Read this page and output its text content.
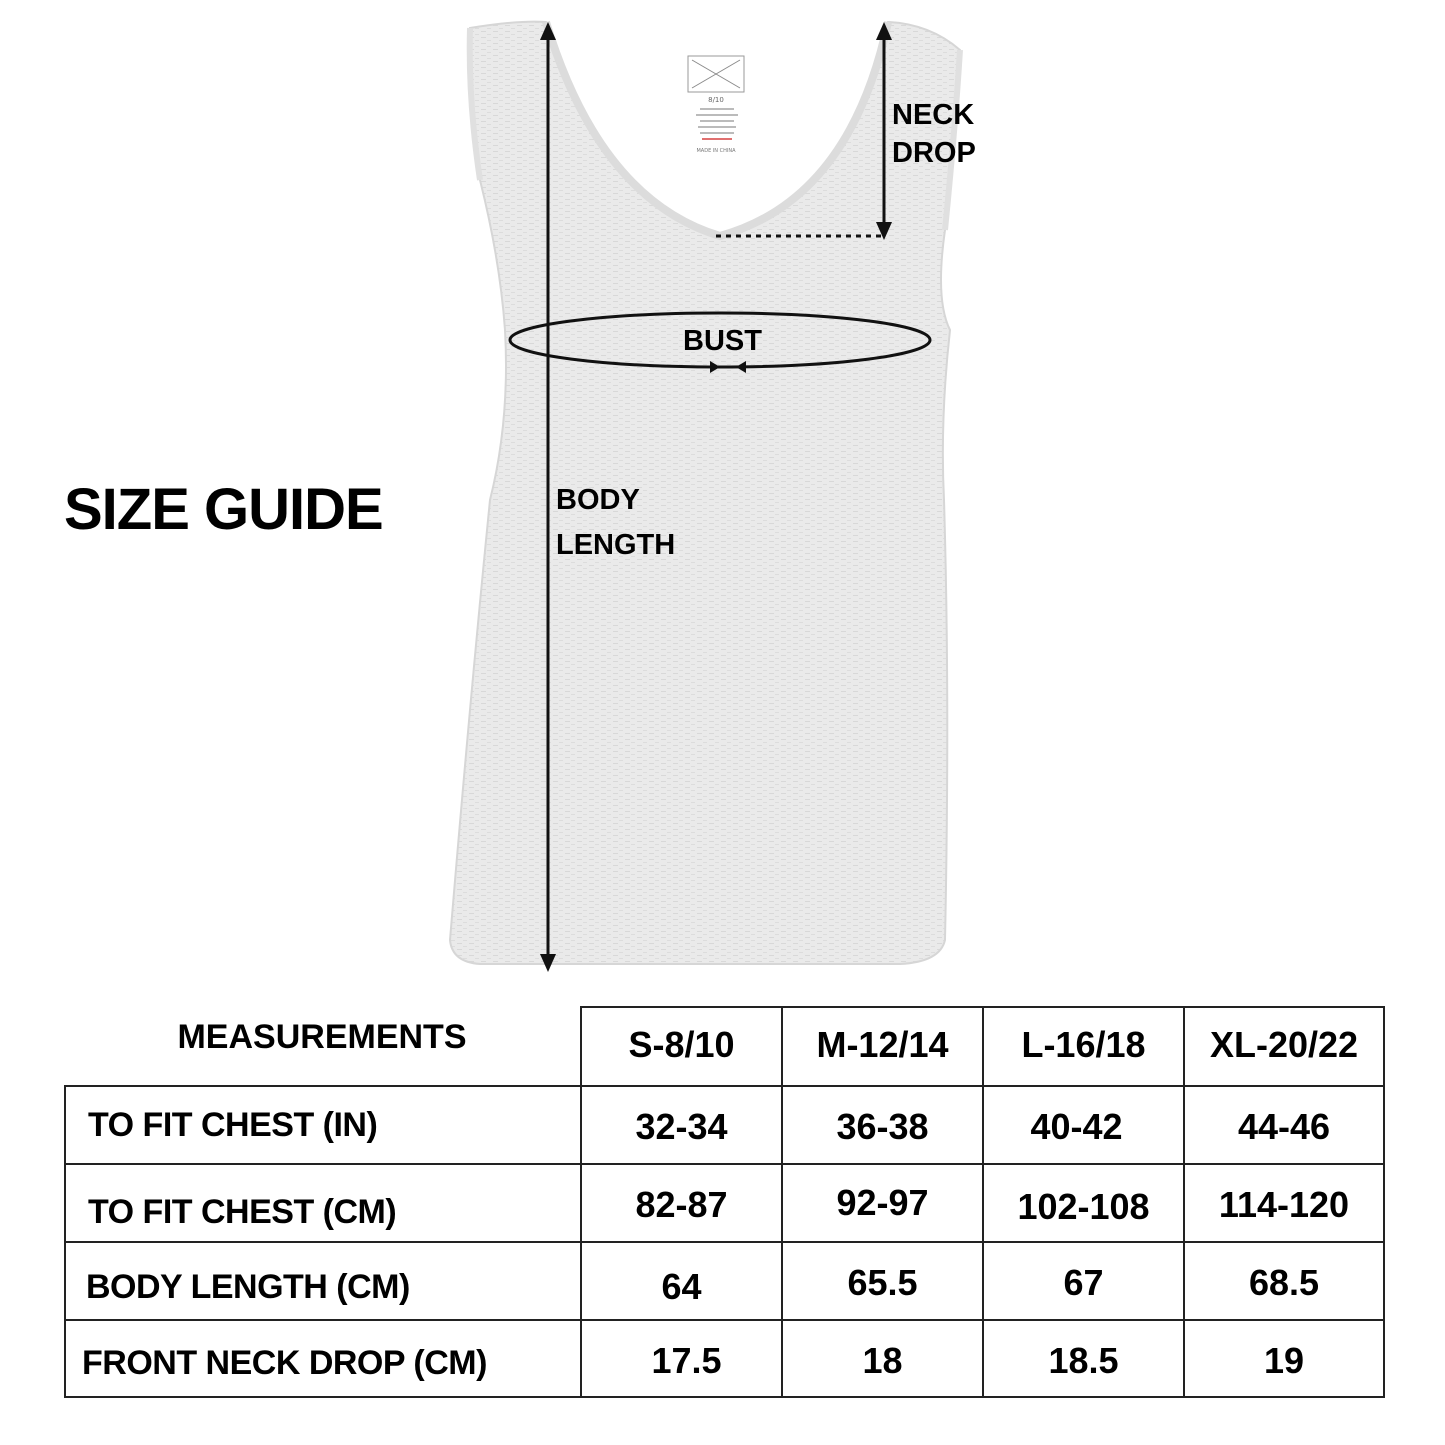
8/10
MADE IN CHINA
SIZE GUIDE
NECK
DROP
BUST
BODY
LENGTH
MEASUREMENTS	S-8/10	M-12/14	L-16/18	XL-20/22
TO FIT CHEST (IN)	32-34	36-38	40-42	44-46
TO FIT CHEST (CM)	82-87	92-97	102-108	114-120
BODY LENGTH (CM)	64	65.5	67	68.5
FRONT NECK DROP (CM)	17.5	18	18.5	19
